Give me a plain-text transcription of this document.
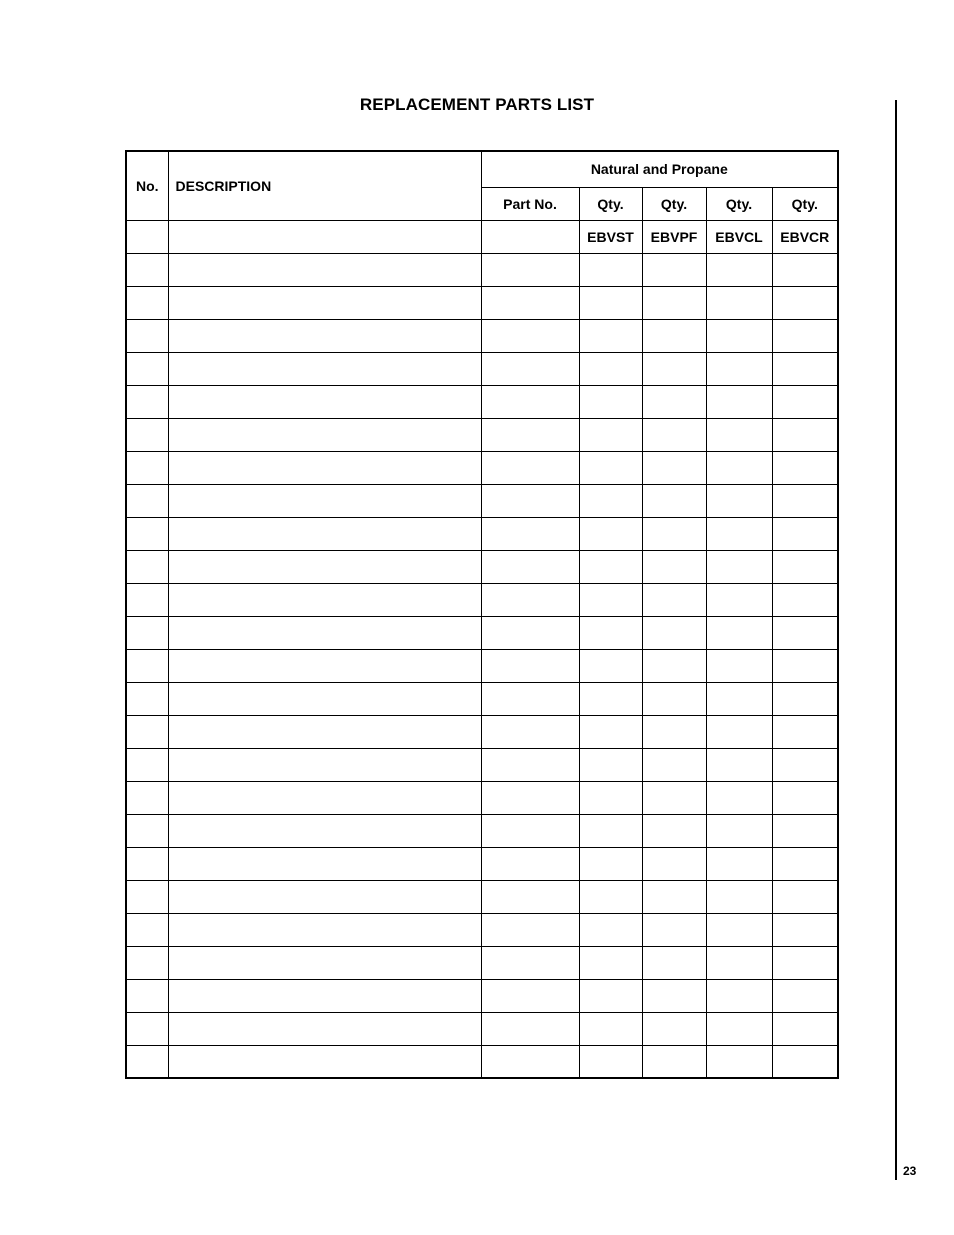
REPLACEMENT PARTS LIST
No.	DESCRIPTION	Natural and Propane				
		Part No.	Qty.	Qty.	Qty.	Qty.
			EBVST	EBVPF	EBVCL	EBVCR

23
